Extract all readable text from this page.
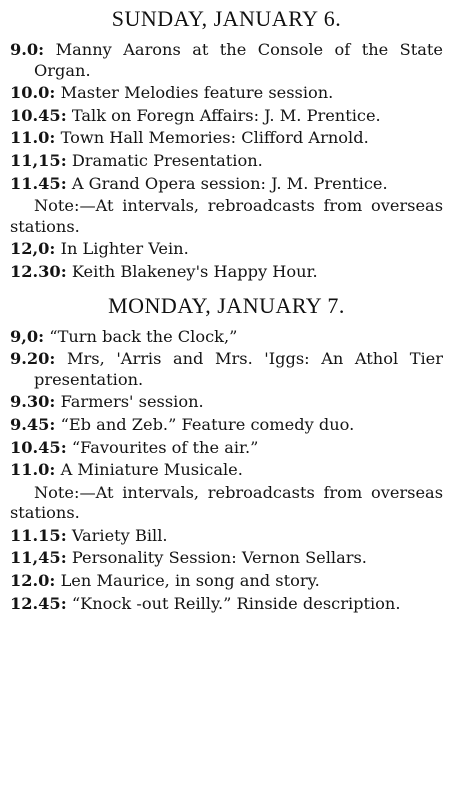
SUNDAY, JANUARY 6.
9.0: Manny Aarons at the Console of the State Organ.
10.0: Master Melodies feature session.
10.45: Talk on Foregn Affairs: J. M. Prentice.
11.0: Town Hall Memories: Clifford Arnold.
11,15: Dramatic Presentation.
11.45: A Grand Opera session: J. M. Prentice.
Note:—At intervals, rebroadcasts from overseas stations.
12,0: In Lighter Vein.
12.30: Keith Blakeney's Happy Hour.
MONDAY, JANUARY 7.
9,0: “Turn back the Clock,”
9.20: Mrs, 'Arris and Mrs. 'Iggs: An Athol Tier presentation.
9.30: Farmers' session.
9.45: “Eb and Zeb.” Feature comedy duo.
10.45: “Favourites of the air.”
11.0: A Miniature Musicale.
Note:—At intervals, rebroadcasts from overseas stations.
11.15: Variety Bill.
11,45: Personality Session: Vernon Sellars.
12.0: Len Maurice, in song and story.
12.45: “Knock -out Reilly.” Rinside description.
